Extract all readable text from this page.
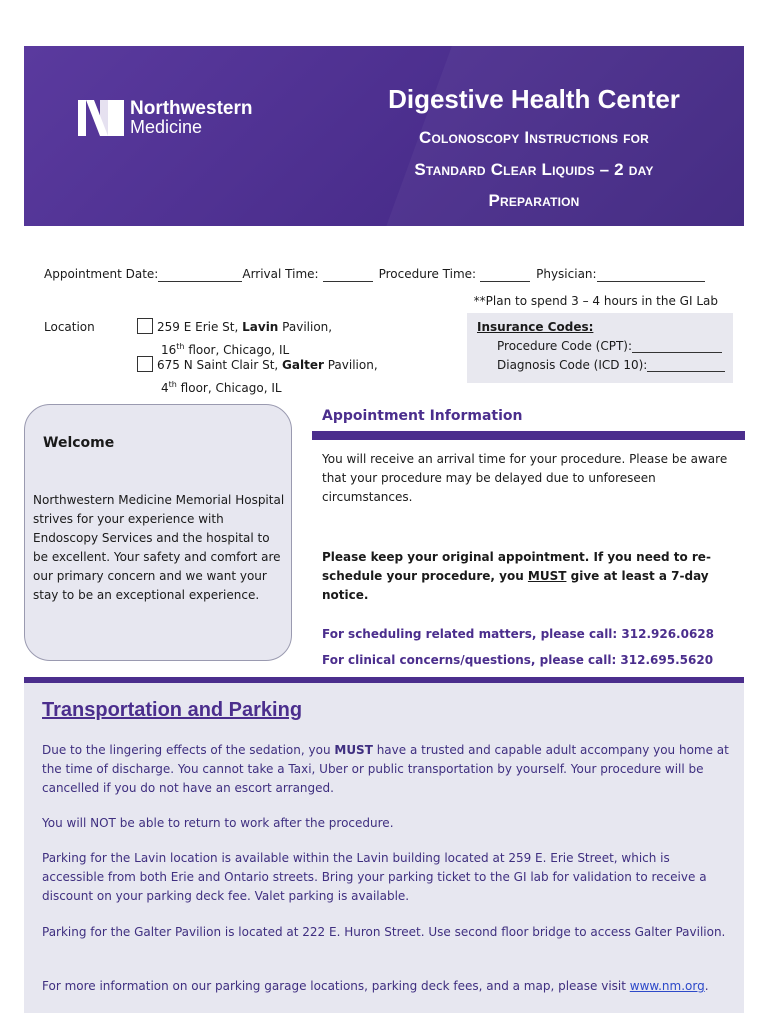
Northwestern
Medicine
Digestive Health Center
Colonoscopy Instructions for
Standard Clear Liquids – 2 day
Preparation
Appointment Date:	Arrival Time:	Procedure Time:	Physician:
**Plan to spend 3 – 4 hours in the GI Lab
Location	259 E Erie St, Lavin Pavilion,
16th floor, Chicago, IL
675 N Saint Clair St, Galter Pavilion,
4th floor, Chicago, IL
Insurance Codes:
Procedure Code (CPT):
Diagnosis Code (ICD 10):
Welcome
Northwestern Medicine Memorial Hospital strives for your experience with Endoscopy Services and the hospital to be excellent. Your safety and comfort are our primary concern and we want your stay to be an exceptional experience.
Appointment Information
You will receive an arrival time for your procedure. Please be aware that your procedure may be delayed due to unforeseen circumstances.
Please keep your original appointment. If you need to re-schedule your procedure, you MUST give at least a 7-day notice.
For scheduling related matters, please call: 312.926.0628
For clinical concerns/questions, please call: 312.695.5620
Transportation and Parking
Due to the lingering effects of the sedation, you MUST have a trusted and capable adult accompany you home at the time of discharge. You cannot take a Taxi, Uber or public transportation by yourself. Your procedure will be cancelled if you do not have an escort arranged.
You will NOT be able to return to work after the procedure.
Parking for the Lavin location is available within the Lavin building located at 259 E. Erie Street, which is accessible from both Erie and Ontario streets. Bring your parking ticket to the GI lab for validation to receive a discount on your parking deck fee. Valet parking is available.
Parking for the Galter Pavilion is located at 222 E. Huron Street. Use second floor bridge to access Galter Pavilion.
For more information on our parking garage locations, parking deck fees, and a map, please visit www.nm.org.
